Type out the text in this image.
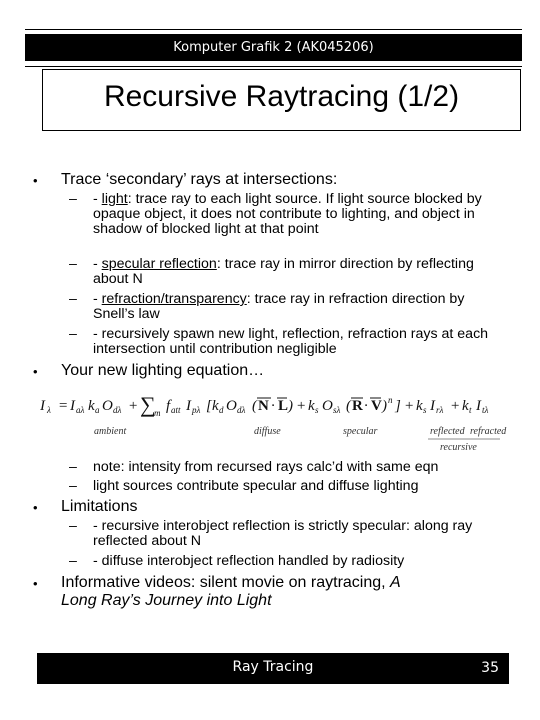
Komputer Grafik 2 (AK045206)
Recursive Raytracing (1/2)
• Trace ‘secondary’ rays at intersections:
– - light: trace ray to each light source. If light source blocked by opaque object, it does not contribute to lighting, and object in shadow of blocked light at that point
– - specular reflection: trace ray in mirror direction by reflecting about N
– - refraction/transparency: trace ray in refraction direction by Snell’s law
– - recursively spawn new light, reflection, refraction rays at each intersection until contribution negligible
• Your new lighting equation…
I λ = I aλ k a O dλ + ∑
m f att I pλ [ k d O dλ ( N · L ) + k s O sλ ( R · V ) n ] + k s I rλ + k t I tλ
ambient	diffuse	specular	reflected refracted
recursive
– note: intensity from recursed rays calc’d with same eqn
– light sources contribute specular and diffuse lighting
• Limitations
– - recursive interobject reflection is strictly specular: along ray reflected about N
– - diffuse interobject reflection handled by radiosity
• Informative videos: silent movie on raytracing, A
Long Ray’s Journey into Light
Ray Tracing	35
